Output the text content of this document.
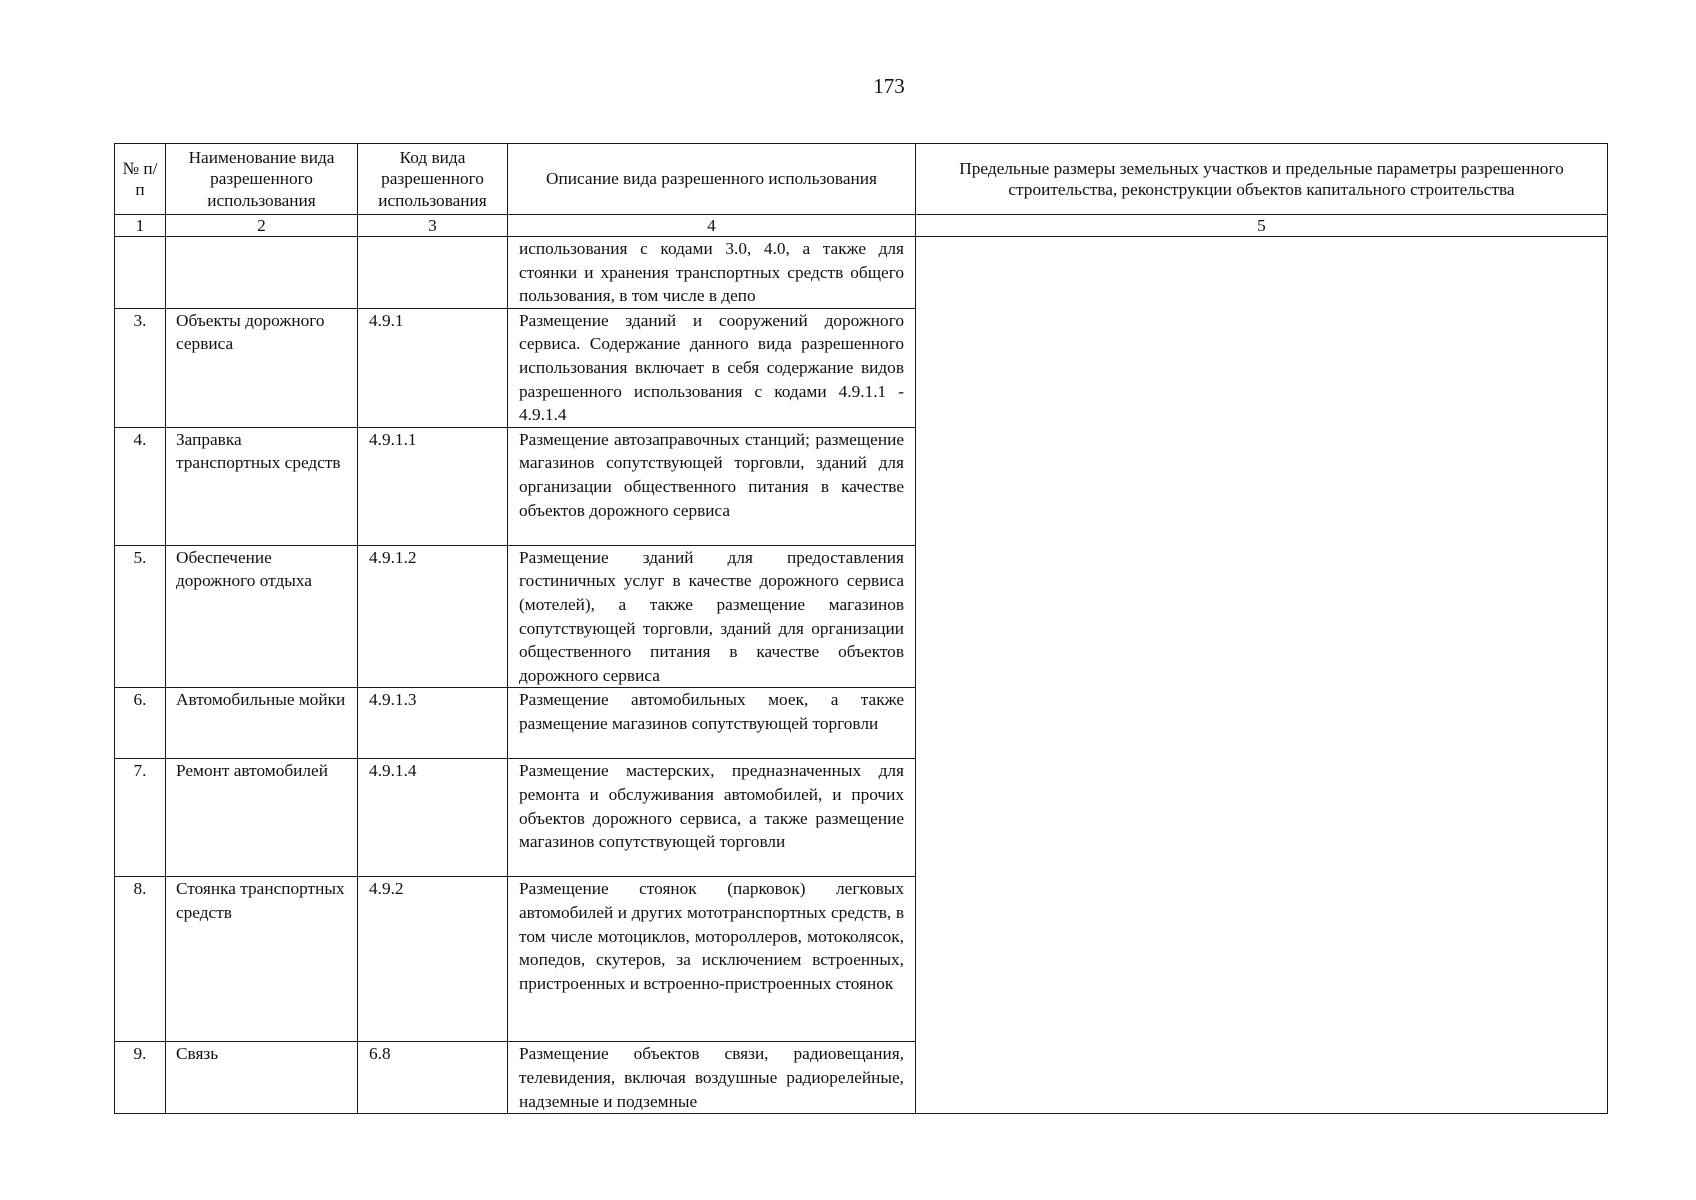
173
№ п/п	Наименование вида разрешенного использования	Код вида разрешенного использования	Описание вида разрешенного использования	Предельные размеры земельных участков и предельные параметры разрешенного строительства, реконструкции объектов капитального строительства
1	2	3	4	5
			использования с кодами 3.0, 4.0, а также для стоянки и хранения транспортных средств общего пользования, в том числе в депо	
3.	Объекты дорожного сервиса	4.9.1	Размещение зданий и сооружений дорожного сервиса. Содержание данного вида разрешенного использования включает в себя содержание видов разрешенного использования с кодами 4.9.1.1 - 4.9.1.4	
4.	Заправка транспортных средств	4.9.1.1	Размещение автозаправочных станций; размещение магазинов сопутствующей торговли, зданий для организации общественного питания в качестве объектов дорожного сервиса	
5.	Обеспечение дорожного отдыха	4.9.1.2	Размещение зданий для предоставления гостиничных услуг в качестве дорожного сервиса (мотелей), а также размещение магазинов сопутствующей торговли, зданий для организации общественного питания в качестве объектов дорожного сервиса	
6.	Автомобильные мойки	4.9.1.3	Размещение автомобильных моек, а также размещение магазинов сопутствующей торговли	
7.	Ремонт автомобилей	4.9.1.4	Размещение мастерских, предназначенных для ремонта и обслуживания автомобилей, и прочих объектов дорожного сервиса, а также размещение магазинов сопутствующей торговли	
8.	Стоянка транспортных средств	4.9.2	Размещение стоянок (парковок) легковых автомобилей и других мототранспортных средств, в том числе мотоциклов, мотороллеров, мотоколясок, мопедов, скутеров, за исключением встроенных, пристроенных и встроенно-пристроенных стоянок	
9.	Связь	6.8	Размещение объектов связи, радиовещания, телевидения, включая воздушные радиорелейные, надземные и подземные	
